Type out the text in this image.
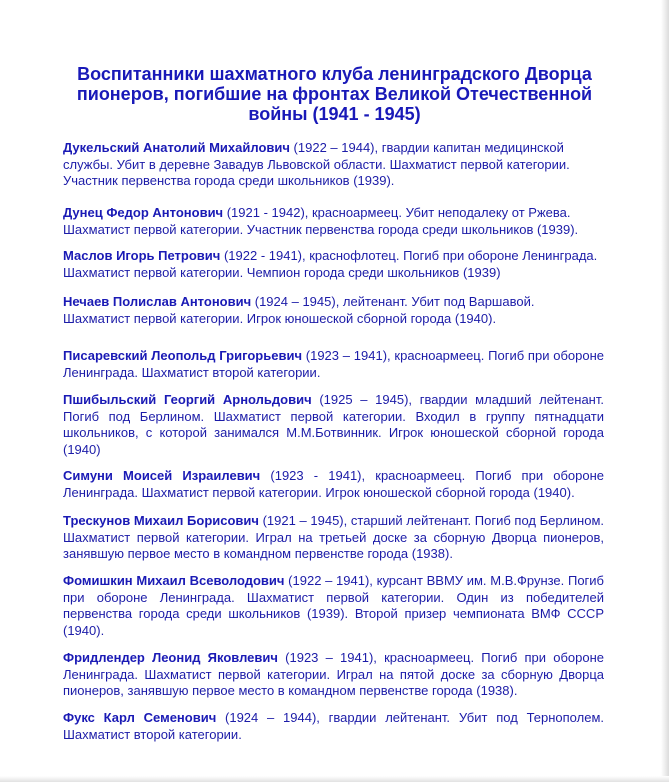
Воспитанники шахматного клуба ленинградского Дворца пионеров, погибшие на фронтах Великой Отечественной войны (1941 - 1945)

Дукельский Анатолий Михайлович (1922 – 1944), гвардии капитан медицинской службы. Убит в деревне Завадув Львовской области. Шахматист первой категории. Участник первенства города среди школьников (1939).

Дунец Федор Антонович (1921 - 1942), красноармеец. Убит неподалеку от Ржева. Шахматист первой категории. Участник первенства города среди школьников (1939).

Маслов Игорь Петрович (1922 - 1941), краснофлотец. Погиб при обороне Ленинграда. Шахматист первой категории. Чемпион города среди школьников (1939)

Нечаев Полислав Антонович (1924 – 1945), лейтенант. Убит под Варшавой. Шахматист первой категории. Игрок юношеской сборной города (1940).

Писаревский Леопольд Григорьевич (1923 – 1941), красноармеец. Погиб при обороне Ленинграда. Шахматист второй категории.

Пшибыльский Георгий Арнольдович (1925 – 1945), гвардии младший лейтенант. Погиб под Берлином. Шахматист первой категории. Входил в группу пятнадцати школьников, с которой занимался М.М.Ботвинник. Игрок юношеской сборной города (1940)

Симуни Моисей Израилевич (1923 - 1941), красноармеец. Погиб при обороне Ленинграда. Шахматист первой категории. Игрок юношеской сборной города (1940).

Трескунов Михаил Борисович (1921 – 1945), старший лейтенант. Погиб под Берлином. Шахматист первой категории. Играл на третьей доске за сборную Дворца пионеров, занявшую первое место в командном первенстве города (1938).

Фомишкин Михаил Всеволодович (1922 – 1941), курсант ВВМУ им. М.В.Фрунзе. Погиб при обороне Ленинграда. Шахматист первой категории. Один из победителей первенства города среди школьников (1939). Второй призер чемпионата ВМФ СССР (1940).

Фридлендер Леонид Яковлевич (1923 – 1941), красноармеец. Погиб при обороне Ленинграда. Шахматист первой категории. Играл на пятой доске за сборную Дворца пионеров, занявшую первое место в командном первенстве города (1938).

Фукс Карл Семенович (1924 – 1944), гвардии лейтенант. Убит под Тернополем. Шахматист второй категории.
